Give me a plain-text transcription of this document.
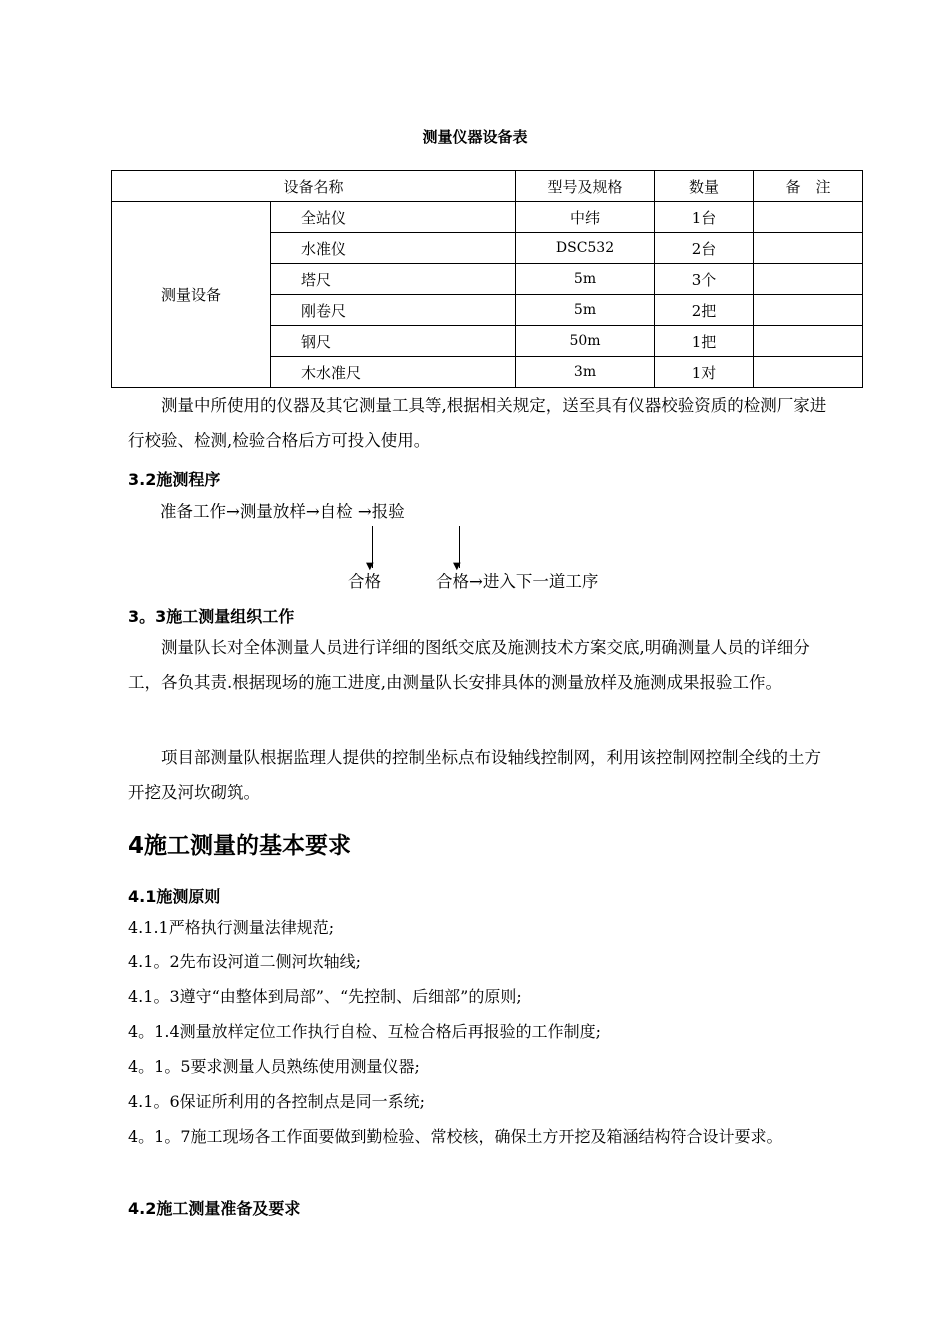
测量仪器设备表
设备名称		型号及规格	数量	备　注
测量设备	全站仪	中纬	1台	
	水准仪	DSC532	2台	
	塔尺	5m	3个	
	刚卷尺	5m	2把	
	钢尺	50m	1把	
	木水准尺	3m	1对	
测量中所使用的仪器及其它测量工具等,根据相关规定，送至具有仪器校验资质的检测厂家进行校验、检测,检验合格后方可投入使用。
3.2施测程序
准备工作→测量放样→自检 →报验
▼	▼
合格	合格→进入下一道工序
3。3施工测量组织工作
测量队长对全体测量人员进行详细的图纸交底及施测技术方案交底,明确测量人员的详细分工，各负其责.根据现场的施工进度,由测量队长安排具体的测量放样及施测成果报验工作。
项目部测量队根据监理人提供的控制坐标点布设轴线控制网，利用该控制网控制全线的土方开挖及河坎砌筑。
4施工测量的基本要求
4.1施测原则
4.1.1严格执行测量法律规范;
4.1。2先布设河道二侧河坎轴线;
4.1。3遵守“由整体到局部”、“先控制、后细部”的原则;
4。1.4测量放样定位工作执行自检、互检合格后再报验的工作制度;
4。1。5要求测量人员熟练使用测量仪器;
4.1。6保证所利用的各控制点是同一系统;
4。1。7施工现场各工作面要做到勤检验、常校核，确保土方开挖及箱涵结构符合设计要求。
4.2施工测量准备及要求
